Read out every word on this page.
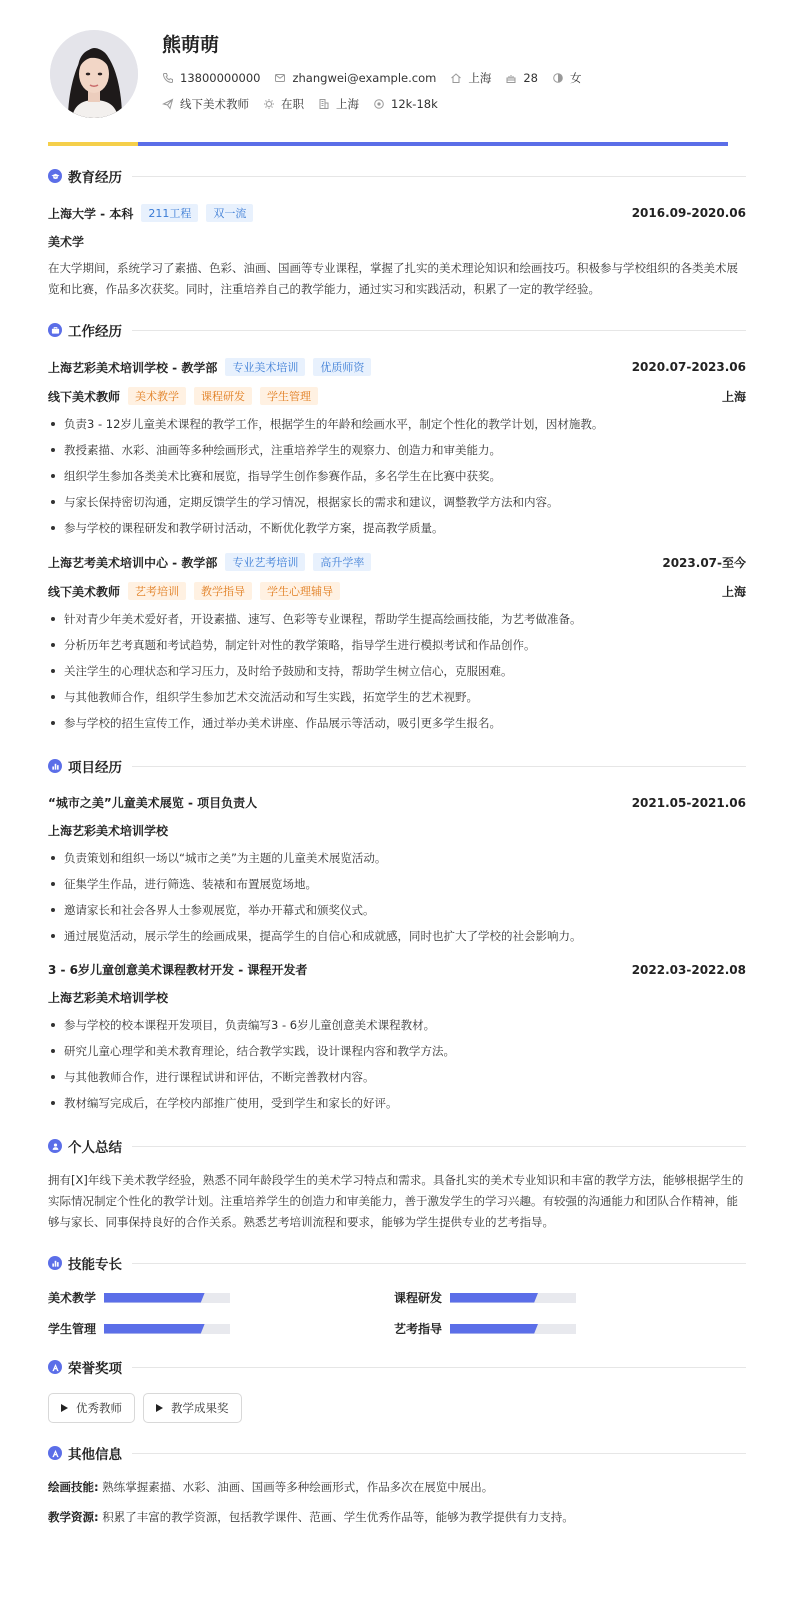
熊萌萌
13800000000	zhangwei@example.com	上海	28	女
线下美术教师	在职	上海	12k-18k
教育经历
上海大学 - 本科	211工程	双一流	2016.09-2020.06
美术学
在大学期间，系统学习了素描、色彩、油画、国画等专业课程，掌握了扎实的美术理论知识和绘画技巧。积极参与学校组织的各类美术展览和比赛，作品多次获奖。同时，注重培养自己的教学能力，通过实习和实践活动，积累了一定的教学经验。
工作经历
上海艺彩美术培训学校 - 教学部	专业美术培训	优质师资	2020.07-2023.06
线下美术教师	美术教学	课程研发	学生管理	上海
负责3 - 12岁儿童美术课程的教学工作，根据学生的年龄和绘画水平，制定个性化的教学计划，因材施教。
教授素描、水彩、油画等多种绘画形式，注重培养学生的观察力、创造力和审美能力。
组织学生参加各类美术比赛和展览，指导学生创作参赛作品，多名学生在比赛中获奖。
与家长保持密切沟通，定期反馈学生的学习情况，根据家长的需求和建议，调整教学方法和内容。
参与学校的课程研发和教学研讨活动，不断优化教学方案，提高教学质量。
上海艺考美术培训中心 - 教学部	专业艺考培训	高升学率	2023.07-至今
线下美术教师	艺考培训	教学指导	学生心理辅导	上海
针对青少年美术爱好者，开设素描、速写、色彩等专业课程，帮助学生提高绘画技能，为艺考做准备。
分析历年艺考真题和考试趋势，制定针对性的教学策略，指导学生进行模拟考试和作品创作。
关注学生的心理状态和学习压力，及时给予鼓励和支持，帮助学生树立信心，克服困难。
与其他教师合作，组织学生参加艺术交流活动和写生实践，拓宽学生的艺术视野。
参与学校的招生宣传工作，通过举办美术讲座、作品展示等活动，吸引更多学生报名。
项目经历
“城市之美”儿童美术展览 - 项目负责人	2021.05-2021.06
上海艺彩美术培训学校
负责策划和组织一场以“城市之美”为主题的儿童美术展览活动。
征集学生作品，进行筛选、装裱和布置展览场地。
邀请家长和社会各界人士参观展览，举办开幕式和颁奖仪式。
通过展览活动，展示学生的绘画成果，提高学生的自信心和成就感，同时也扩大了学校的社会影响力。
3 - 6岁儿童创意美术课程教材开发 - 课程开发者	2022.03-2022.08
上海艺彩美术培训学校
参与学校的校本课程开发项目，负责编写3 - 6岁儿童创意美术课程教材。
研究儿童心理学和美术教育理论，结合教学实践，设计课程内容和教学方法。
与其他教师合作，进行课程试讲和评估，不断完善教材内容。
教材编写完成后，在学校内部推广使用，受到学生和家长的好评。
个人总结
拥有[X]年线下美术教学经验，熟悉不同年龄段学生的美术学习特点和需求。具备扎实的美术专业知识和丰富的教学方法，能够根据学生的实际情况制定个性化的教学计划。注重培养学生的创造力和审美能力，善于激发学生的学习兴趣。有较强的沟通能力和团队合作精神，能够与家长、同事保持良好的合作关系。熟悉艺考培训流程和要求，能够为学生提供专业的艺考指导。
技能专长
美术教学	课程研发
学生管理	艺考指导
荣誉奖项
优秀教师	教学成果奖
其他信息
绘画技能: 熟练掌握素描、水彩、油画、国画等多种绘画形式，作品多次在展览中展出。
教学资源: 积累了丰富的教学资源，包括教学课件、范画、学生优秀作品等，能够为教学提供有力支持。
